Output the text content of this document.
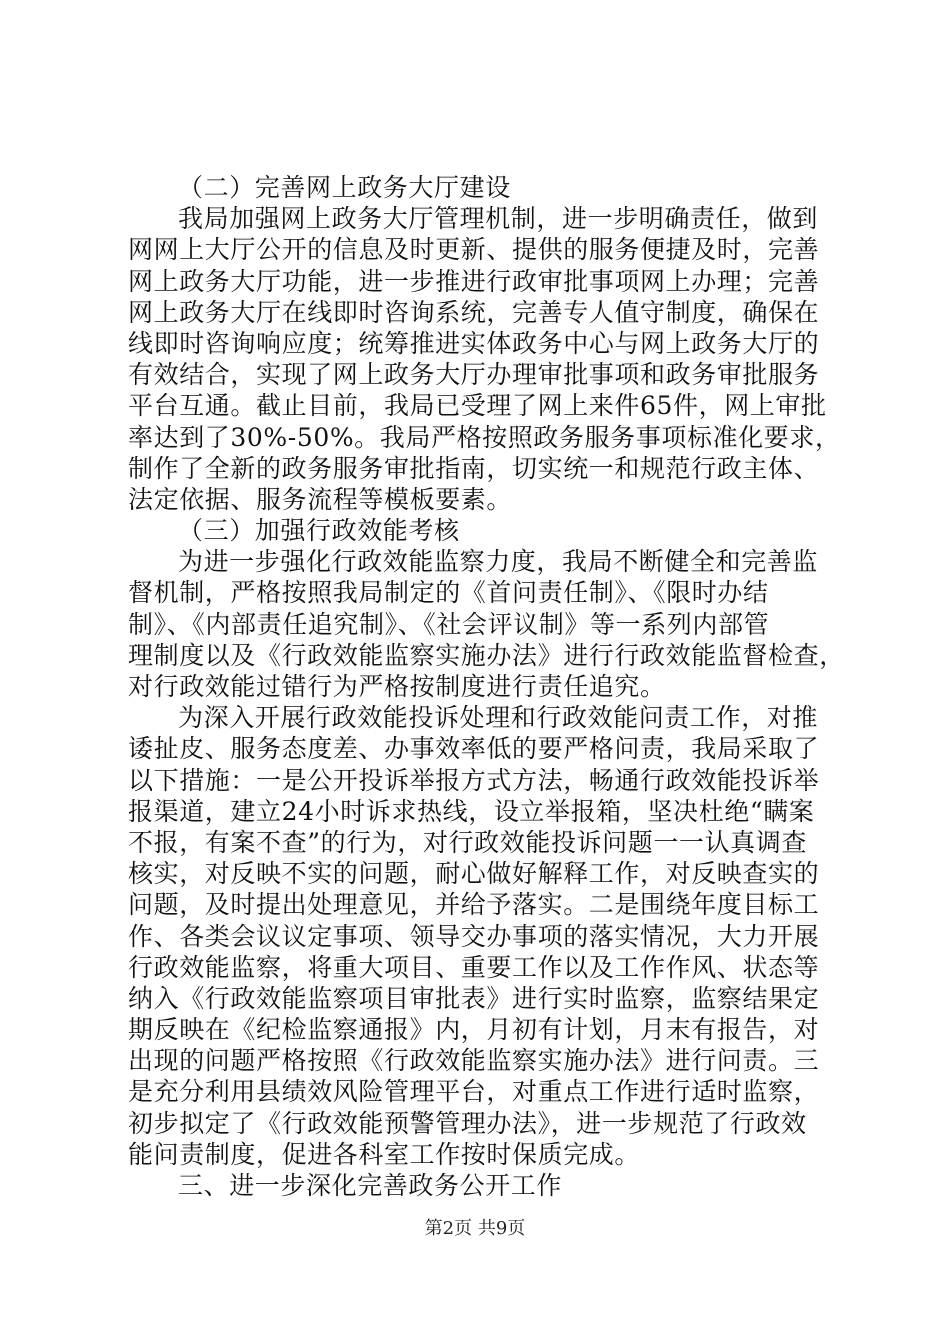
（二）完善网上政务大厅建设
我局加强网上政务大厅管理机制，进一步明确责任，做到
网网上大厅公开的信息及时更新、提供的服务便捷及时，完善
网上政务大厅功能，进一步推进行政审批事项网上办理；完善
网上政务大厅在线即时咨询系统，完善专人值守制度，确保在
线即时咨询响应度；统筹推进实体政务中心与网上政务大厅的
有效结合，实现了网上政务大厅办理审批事项和政务审批服务
平台互通。截止目前，我局已受理了网上来件65件，网上审批
率达到了30%-50%。我局严格按照政务服务事项标准化要求，
制作了全新的政务服务审批指南，切实统一和规范行政主体、
法定依据、服务流程等模板要素。
（三）加强行政效能考核
为进一步强化行政效能监察力度，我局不断健全和完善监
督机制，严格按照我局制定的《首问责任制》、《限时办结
制》、《内部责任追究制》、《社会评议制》等一系列内部管
理制度以及《行政效能监察实施办法》进行行政效能监督检查，
对行政效能过错行为严格按制度进行责任追究。
为深入开展行政效能投诉处理和行政效能问责工作，对推
诿扯皮、服务态度差、办事效率低的要严格问责，我局采取了
以下措施：一是公开投诉举报方式方法，畅通行政效能投诉举
报渠道，建立24小时诉求热线，设立举报箱，坚决杜绝“瞒案
不报，有案不查”的行为，对行政效能投诉问题一一认真调查
核实，对反映不实的问题，耐心做好解释工作，对反映查实的
问题，及时提出处理意见，并给予落实。二是围绕年度目标工
作、各类会议议定事项、领导交办事项的落实情况，大力开展
行政效能监察，将重大项目、重要工作以及工作作风、状态等
纳入《行政效能监察项目审批表》进行实时监察，监察结果定
期反映在《纪检监察通报》内，月初有计划，月末有报告，对
出现的问题严格按照《行政效能监察实施办法》进行问责。三
是充分利用县绩效风险管理平台，对重点工作进行适时监察，
初步拟定了《行政效能预警管理办法》，进一步规范了行政效
能问责制度，促进各科室工作按时保质完成。
三、进一步深化完善政务公开工作
第2页 共9页
